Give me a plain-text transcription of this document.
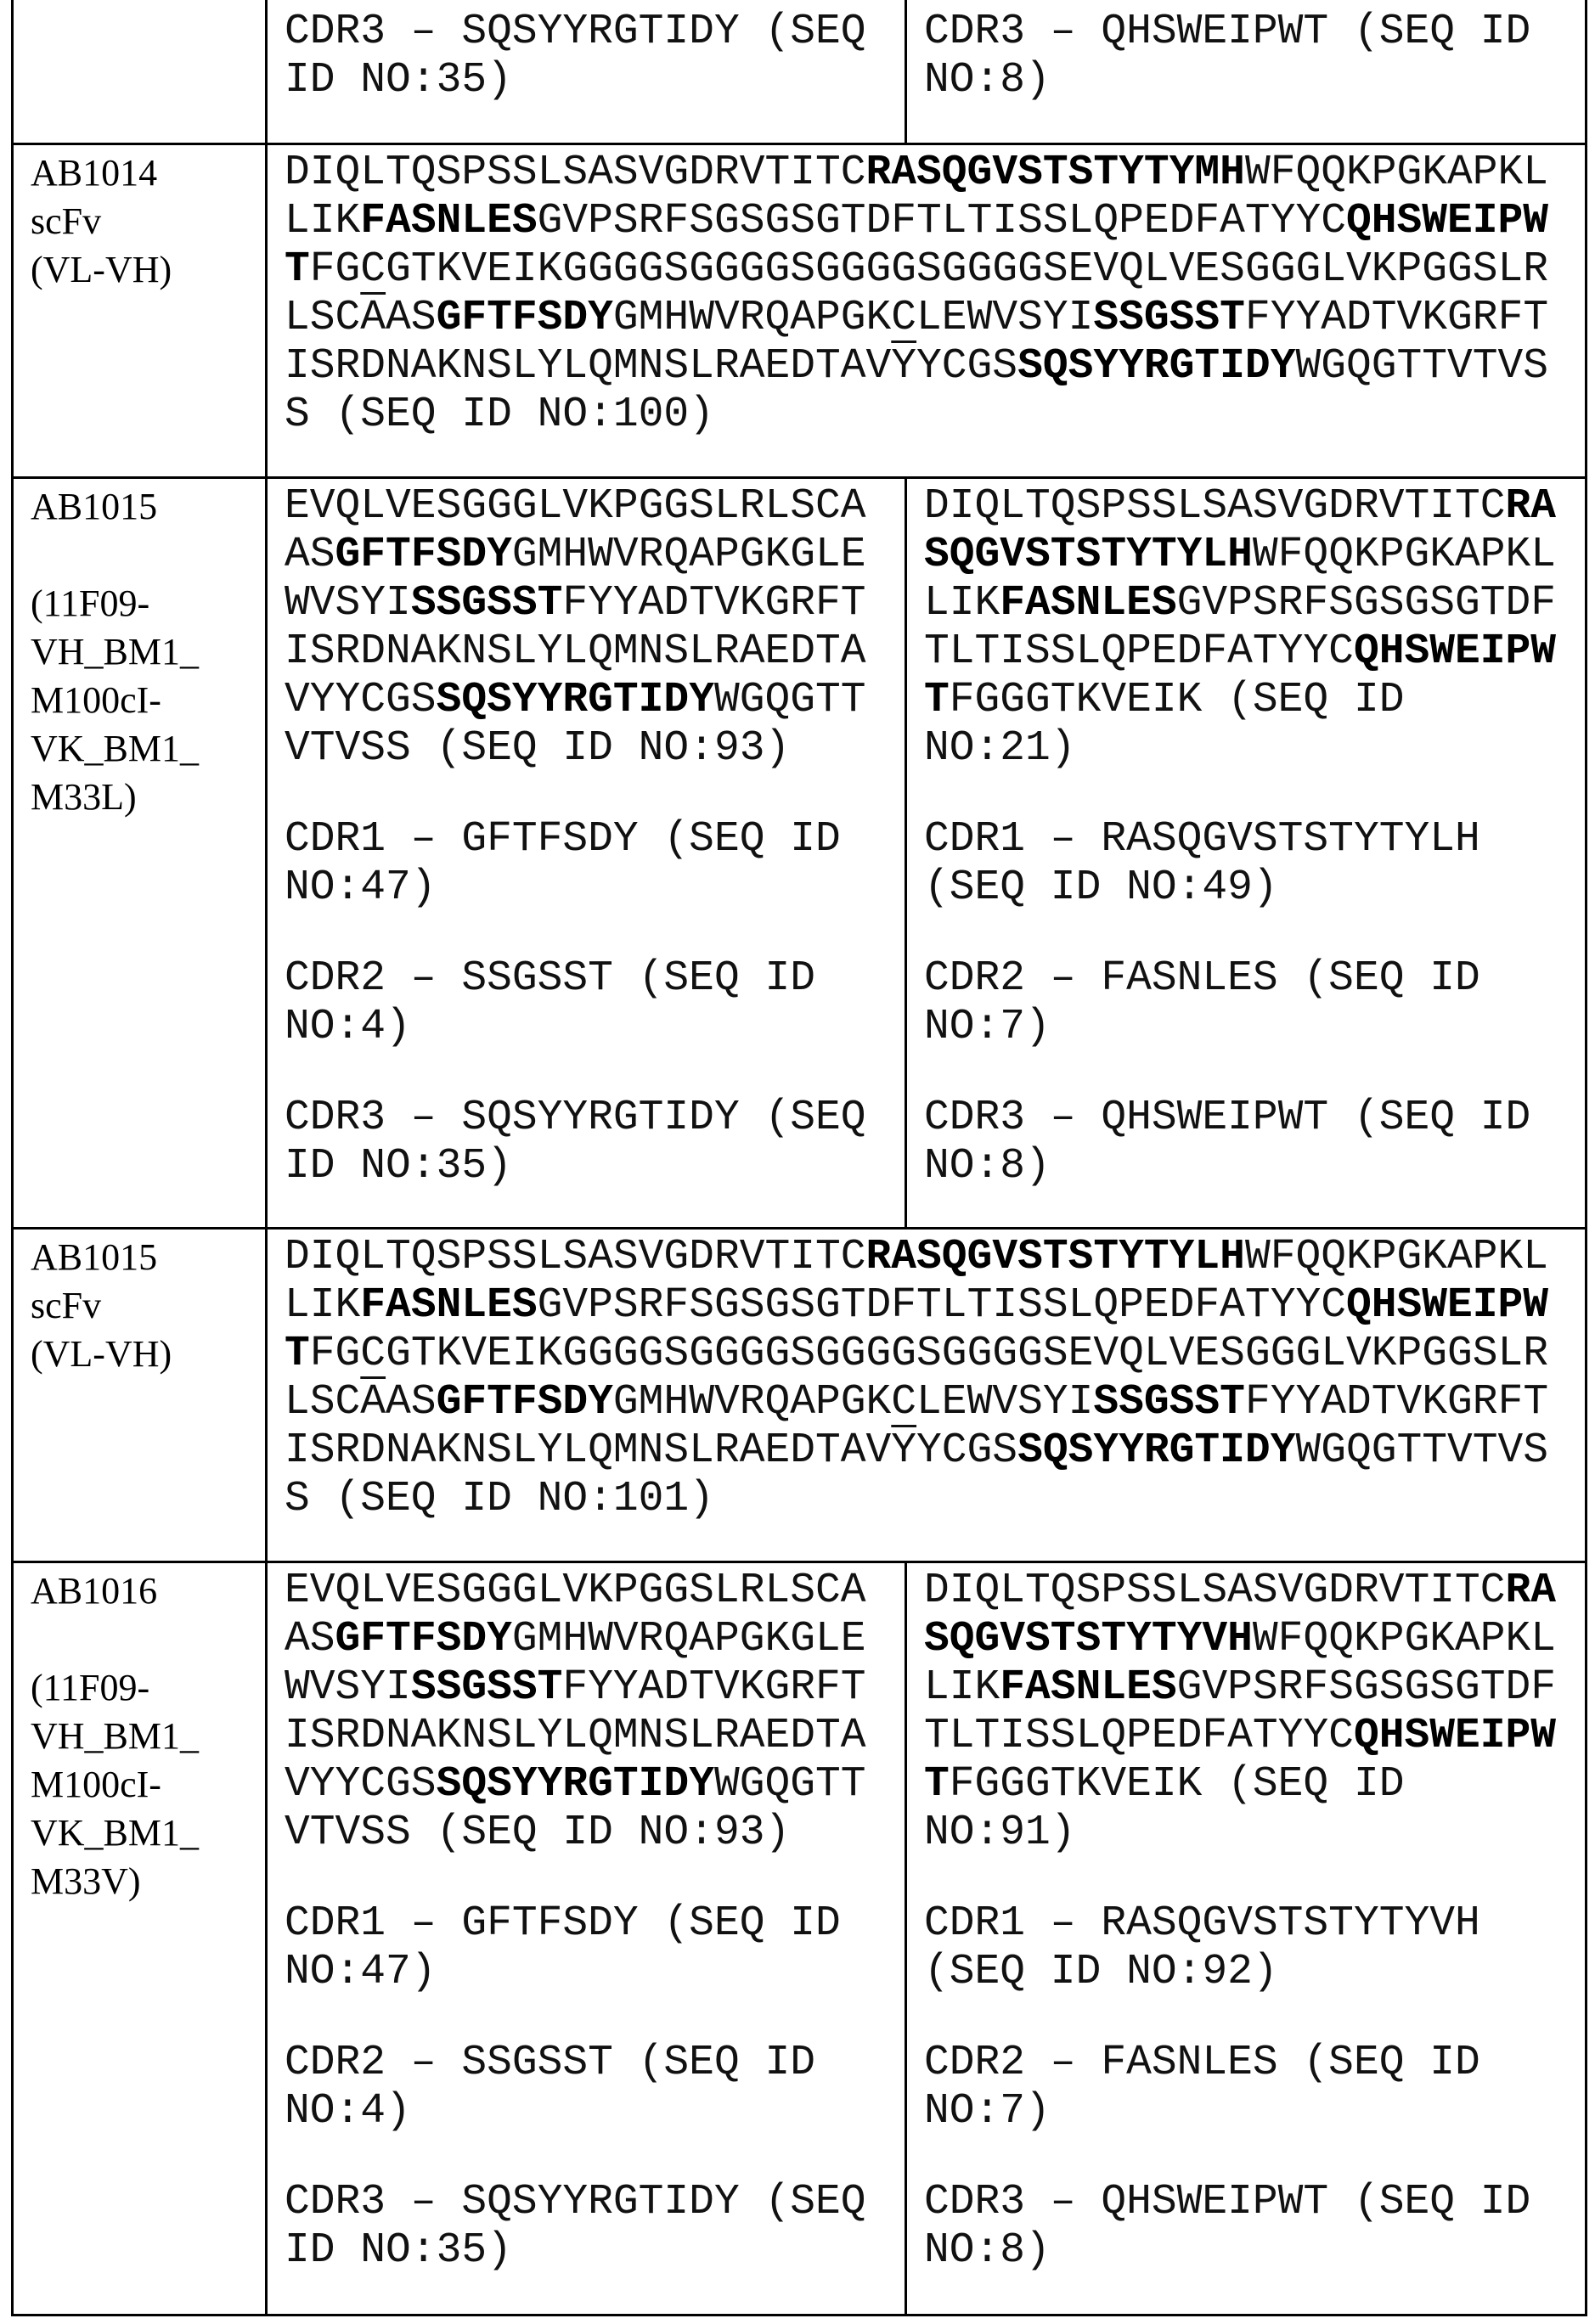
CDR3 – SQSYYRGTIDY (SEQ
ID NO:35)

CDR3 – QHSWEIPWT (SEQ ID
NO:8)

AB1014
scFv
(VL-VH)

DIQLTQSPSSLSASVGDRVTITCRASQGVSTSTYTYMHWFQQKPGKAPKL
LIKFASNLESGVPSRFSGSGSGTDFTLTISSLQPEDFATYYCQHSWEIPW
TFGCGTKVEIKGGGGSGGGGSGGGGSGGGGSEVQLVESGGGLVKPGGSLR
LSCAASGFTFSDYGMHWVRQAPGKCLEWVSYISSGSSTFYYADTVKGRFT
ISRDNAKNSLYLQMNSLRAEDTAVYYCGSSQSYYRGTIDYWGQGTTVTVS
S (SEQ ID NO:100)

AB1015
(11F09-
VH_BM1_
M100cI-
VK_BM1_
M33L)

EVQLVESGGGLVKPGGSLRLSCA
ASGFTFSDYGMHWVRQAPGKGLE
WVSYISSGSSTFYYADTVKGRFT
ISRDNAKNSLYLQMNSLRAEDTA
VYYCGSSQSYYRGTIDYWGQGTT
VTVSS (SEQ ID NO:93)
CDR1 – GFTFSDY (SEQ ID
NO:47)
CDR2 – SSGSST (SEQ ID
NO:4)
CDR3 – SQSYYRGTIDY (SEQ
ID NO:35)

DIQLTQSPSSLSASVGDRVTITCRA
SQGVSTSTYTYLHWFQQKPGKAPKL
LIKFASNLESGVPSRFSGSGSGTDF
TLTISSLQPEDFATYYCQHSWEIPW
TFGGGTKVEIK (SEQ ID
NO:21)
CDR1 – RASQGVSTSTYTYLH
(SEQ ID NO:49)
CDR2 – FASNLES (SEQ ID
NO:7)
CDR3 – QHSWEIPWT (SEQ ID
NO:8)

AB1015
scFv
(VL-VH)

DIQLTQSPSSLSASVGDRVTITCRASQGVSTSTYTYLHWFQQKPGKAPKL
LIKFASNLESGVPSRFSGSGSGTDFTLTISSLQPEDFATYYCQHSWEIPW
TFGCGTKVEIKGGGGSGGGGSGGGGSGGGGSEVQLVESGGGLVKPGGSLR
LSCAASGFTFSDYGMHWVRQAPGKCLEWVSYISSGSSTFYYADTVKGRFT
ISRDNAKNSLYLQMNSLRAEDTAVYYCGSSQSYYRGTIDYWGQGTTVTVS
S (SEQ ID NO:101)

AB1016
(11F09-
VH_BM1_
M100cI-
VK_BM1_
M33V)

EVQLVESGGGLVKPGGSLRLSCA
ASGFTFSDYGMHWVRQAPGKGLE
WVSYISSGSSTFYYADTVKGRFT
ISRDNAKNSLYLQMNSLRAEDTA
VYYCGSSQSYYRGTIDYWGQGTT
VTVSS (SEQ ID NO:93)
CDR1 – GFTFSDY (SEQ ID
NO:47)
CDR2 – SSGSST (SEQ ID
NO:4)
CDR3 – SQSYYRGTIDY (SEQ
ID NO:35)

DIQLTQSPSSLSASVGDRVTITCRA
SQGVSTSTYTYVHWFQQKPGKAPKL
LIKFASNLESGVPSRFSGSGSGTDF
TLTISSLQPEDFATYYCQHSWEIPW
TFGGGTKVEIK (SEQ ID
NO:91)
CDR1 – RASQGVSTSTYTYVH
(SEQ ID NO:92)
CDR2 – FASNLES (SEQ ID
NO:7)
CDR3 – QHSWEIPWT (SEQ ID
NO:8)
